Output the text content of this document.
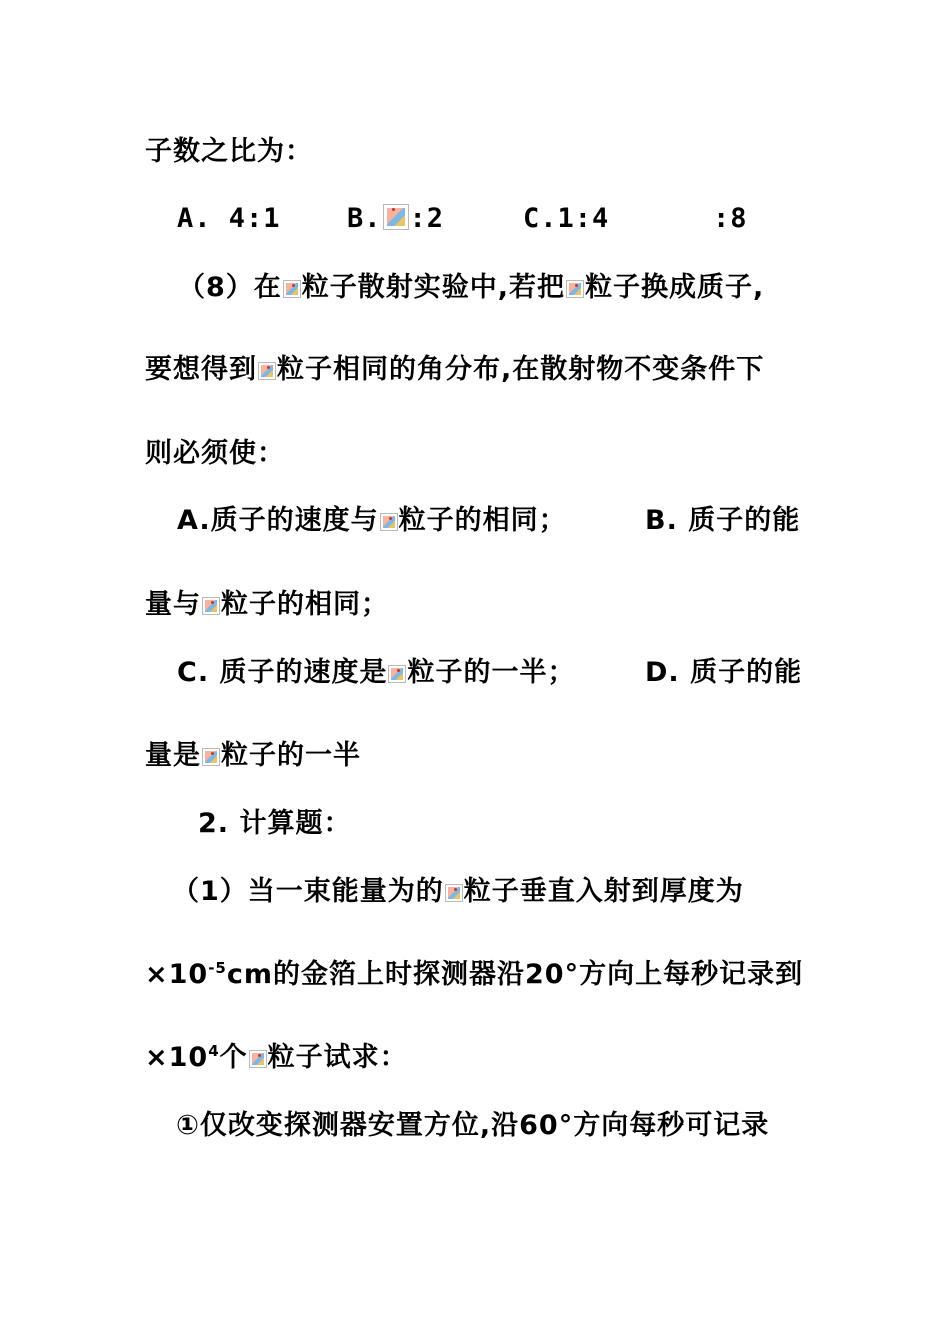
子数之比为：
A. 4:1 B. :2	C.1:4	:8
（8）在 粒子散射实验中,若把 粒子换成质子,
要想得到 粒子相同的角分布,在散射物不变条件下
则必须使：
A.质子的速度与 粒子的相同；	B. 质子的能
量与 粒子的相同；
C. 质子的速度是 粒子的一半；	D. 质子的能
量是 粒子的一半
2. 计算题：
（1）当一束能量为的 粒子垂直入射到厚度为
$\times 10^{-5}cm$的金箔上时探测器沿20°方向上每秒记录到
$\times 10^4$个 粒子试求：
①仅改变探测器安置方位,沿60°方向每秒可记录
